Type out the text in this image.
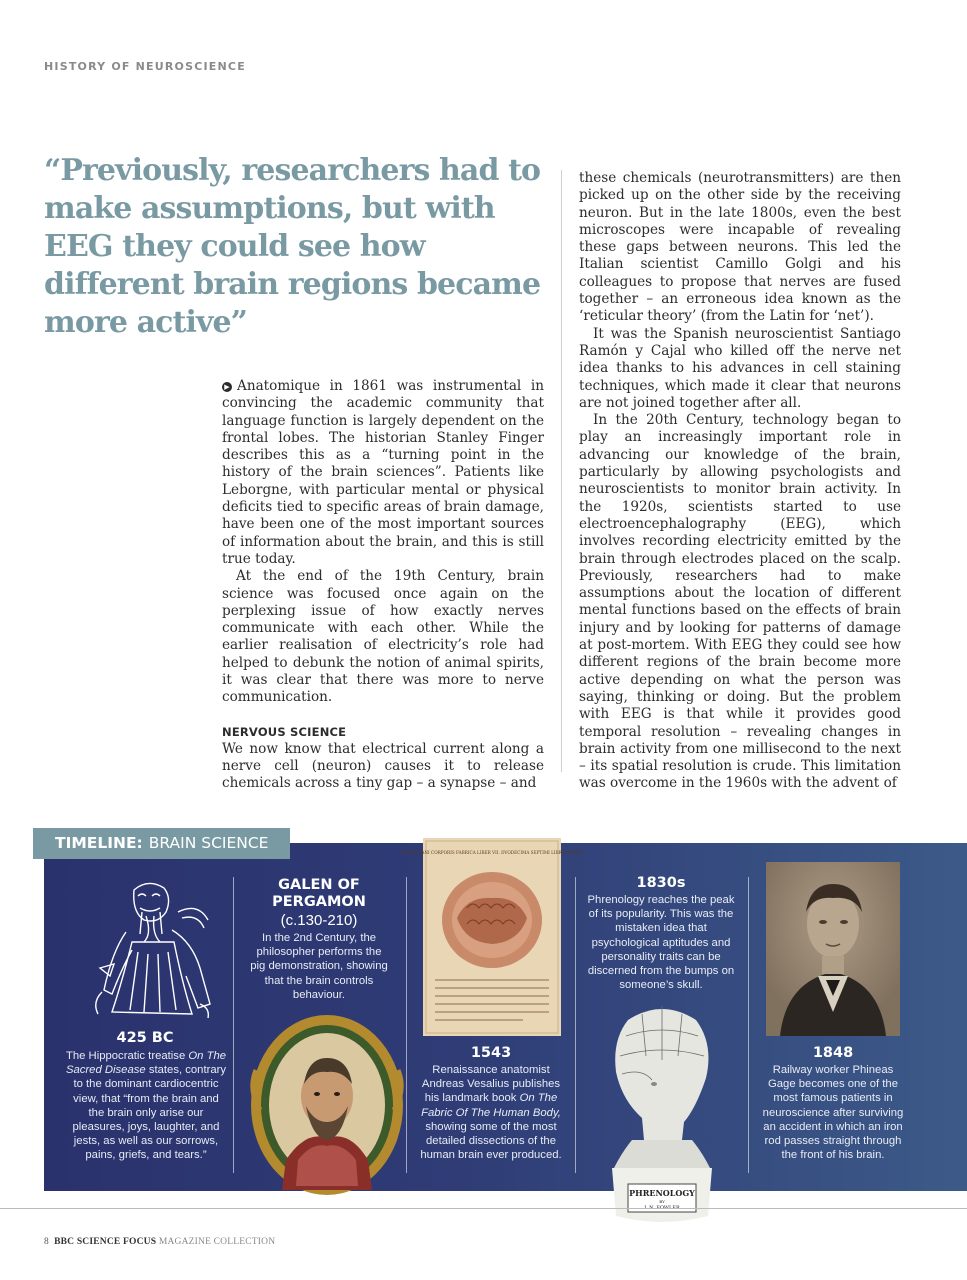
HISTORY OF NEUROSCIENCE
“Previously, researchers had to make assumptions, but with EEG they could see how different brain regions became more active”

▶ Anatomique in 1861 was instrumental in convincing the academic community that language function is largely dependent on the frontal lobes. The historian Stanley Finger describes this as a “turning point in the history of the brain sciences”. Patients like Leborgne, with particular mental or physical deficits tied to specific areas of brain damage, have been one of the most important sources of information about the brain, and this is still true today.

At the end of the 19th Century, brain science was focused once again on the perplexing issue of how exactly nerves communicate with each other. While the earlier realisation of electricity’s role had helped to debunk the notion of animal spirits, it was clear that there was more to nerve communication.

NERVOUS SCIENCE

We now know that electrical current along a nerve cell (neuron) causes it to release chemicals across a tiny gap – a synapse – and

these chemicals (neurotransmitters) are then picked up on the other side by the receiving neuron. But in the late 1800s, even the best microscopes were incapable of revealing these gaps between neurons. This led the Italian scientist Camillo Golgi and his colleagues to propose that nerves are fused together – an erroneous idea known as the ‘reticular theory’ (from the Latin for ‘net’).

It was the Spanish neuroscientist Santiago Ramón y Cajal who killed off the nerve net idea thanks to his advances in cell staining techniques, which made it clear that neurons are not joined together after all.

In the 20th Century, technology began to play an increasingly important role in advancing our knowledge of the brain, particularly by allowing psychologists and neuroscientists to monitor brain activity. In the 1920s, scientists started to use electroencephalography (EEG), which involves recording electricity emitted by the brain through electrodes placed on the scalp. Previously, researchers had to make assumptions about the location of different mental functions based on the effects of brain injury and by looking for patterns of damage at post-mortem. With EEG they could see how different regions of the brain become more active depending on what the person was saying, thinking or doing. But the problem with EEG is that while it provides good temporal resolution – revealing changes in brain activity from one millisecond to the next – its spatial resolution is crude. This limitation was overcome in the 1960s with the advent of

TIMELINE: BRAIN SCIENCE
425 BC
The Hippocratic treatise On The Sacred Disease states, contrary to the dominant cardiocentric view, that “from the brain and the brain only arise our pleasures, joys, laughter, and jests, as well as our sorrows, pains, griefs, and tears.”
GALEN OF PERGAMON
(c.130-210)
In the 2nd Century, the philosopher performs the pig demonstration, showing that the brain controls behaviour.
DE HUMANI CORPORIS FABRICA LIBER VII. DVODECIMA SEPTIMI LIBRI FIGVRA
1543
Renaissance anatomist Andreas Vesalius publishes his landmark book On The Fabric Of The Human Body, showing some of the most detailed dissections of the human brain ever produced.
1830s
Phrenology reaches the peak of its popularity. This was the mistaken idea that psychological aptitudes and personality traits can be discerned from the bumps on someone’s skull.
PHRENOLOGY
BY
1848
Railway worker Phineas Gage becomes one of the most famous patients in neuroscience after surviving an accident in which an iron rod passes straight through the front of his brain.
8 BBC SCIENCE FOCUS MAGAZINE COLLECTION
